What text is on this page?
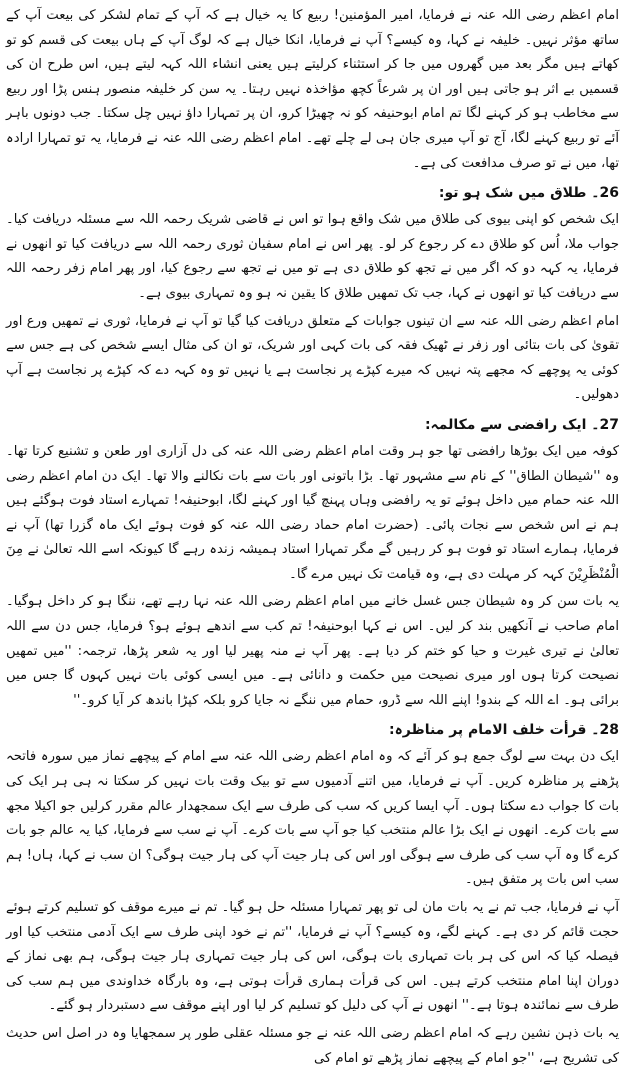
امام اعظم رضی اللہ عنہ نے فرمایا، امیر المؤمنین! ربیع کا یہ خیال ہے کہ آپ کے تمام لشکر کی بیعت آپ کے ساتھ مؤثر نہیں۔ خلیفہ نے کہا، وہ کیسے؟ آپ نے فرمایا، انکا خیال ہے کہ لوگ آپ کے ہاں بیعت کی قسم کو تو کھاتے ہیں مگر بعد میں گھروں میں جا کر استثناء کرلیتے ہیں یعنی انشاء اللہ کہہ لیتے ہیں، اس طرح ان کی قسمیں بے اثر ہو جاتی ہیں اور ان پر شرعاً کچھ مؤاخذہ نہیں رہتا۔ یہ سن کر خلیفہ منصور ہنس پڑا اور ربیع سے مخاطب ہو کر کہنے لگا تم امام ابوحنیفہ کو نہ چھیڑا کرو، ان پر تمہارا داؤ نہیں چل سکتا۔ جب دونوں باہر آئے تو ربیع کہنے لگا، آج تو آپ میری جان ہی لے چلے تھے۔ امام اعظم رضی اللہ عنہ نے فرمایا، یہ تو تمہارا ارادہ تھا، میں نے تو صرف مدافعت کی ہے۔

26۔ طلاق میں شک ہو تو:

ایک شخص کو اپنی بیوی کی طلاق میں شک واقع ہوا تو اس نے قاضی شریک رحمہ اللہ سے مسئلہ دریافت کیا۔ جواب ملا، اُس کو طلاق دے کر رجوع کر لو۔ پھر اس نے امام سفیان ثوری رحمہ اللہ سے دریافت کیا تو انھوں نے فرمایا، یہ کہہ دو کہ اگر میں نے تجھ کو طلاق دی ہے تو میں نے تجھ سے رجوع کیا، اور پھر امام زفر رحمہ اللہ سے دریافت کیا تو انھوں نے کہا، جب تک تمھیں طلاق کا یقین نہ ہو وہ تمہاری بیوی ہے۔

امام اعظم رضی اللہ عنہ سے ان تینوں جوابات کے متعلق دریافت کیا گیا تو آپ نے فرمایا، ثوری نے تمھیں ورع اور تقویٰ کی بات بتائی اور زفر نے ٹھیک فقہ کی بات کہی اور شریک، تو ان کی مثال ایسے شخص کی ہے جس سے کوئی یہ پوچھے کہ مجھے پتہ نہیں کہ میرے کپڑے پر نجاست ہے یا نہیں تو وہ کہہ دے کہ کپڑے پر نجاست ہے آپ دھولیں۔

27۔ ایک رافضی سے مکالمہ:

کوفہ میں ایک بوڑھا رافضی تھا جو ہر وقت امام اعظم رضی اللہ عنہ کی دل آزاری اور طعن و تشنیع کرتا تھا۔ وہ ''شیطان الطاق'' کے نام سے مشہور تھا۔ بڑا باتونی اور بات سے بات نکالنے والا تھا۔ ایک دن امام اعظم رضی اللہ عنہ حمام میں داخل ہوئے تو یہ رافضی وہاں پہنچ گیا اور کہنے لگا، ابوحنیفہ! تمہارے استاد فوت ہوگئے ہیں ہم نے اس شخص سے نجات پائی۔ (حضرت امام حماد رضی اللہ عنہ کو فوت ہوئے ایک ماہ گزرا تھا) آپ نے فرمایا، ہمارے استاد تو فوت ہو کر رہیں گے مگر تمہارا استاد ہمیشہ زندہ رہے گا کیونکہ اسے اللہ تعالیٰ نے مِنَ الْمُنْظَرِیْنَ کہہ کر مہلت دی ہے، وہ قیامت تک نہیں مرے گا۔

یہ بات سن کر وہ شیطان جس غسل خانے میں امام اعظم رضی اللہ عنہ نہا رہے تھے، ننگا ہو کر داخل ہوگیا۔ امام صاحب نے آنکھیں بند کر لیں۔ اس نے کہا ابوحنیفہ! تم کب سے اندھے ہوئے ہو؟ فرمایا، جس دن سے اللہ تعالیٰ نے تیری غیرت و حیا کو ختم کر دیا ہے۔ پھر آپ نے منہ پھیر لیا اور یہ شعر پڑھا، ترجمہ: ''میں تمھیں نصیحت کرتا ہوں اور میری نصیحت میں حکمت و دانائی ہے۔ میں ایسی کوئی بات نہیں کہوں گا جس میں برائی ہو۔ اے اللہ کے بندو! اپنے اللہ سے ڈرو، حمام میں ننگے نہ جایا کرو بلکہ کپڑا باندھ کر آیا کرو۔''

28۔ قرأت خلف الامام پر مناظرہ:

ایک دن بہت سے لوگ جمع ہو کر آئے کہ وہ امام اعظم رضی اللہ عنہ سے امام کے پیچھے نماز میں سورہ فاتحہ پڑھنے پر مناظرہ کریں۔ آپ نے فرمایا، میں اتنے آدمیوں سے تو بیک وقت بات نہیں کر سکتا نہ ہی ہر ایک کی بات کا جواب دے سکتا ہوں۔ آپ ایسا کریں کہ سب کی طرف سے ایک سمجھدار عالم مقرر کرلیں جو اکیلا مجھ سے بات کرے۔ انھوں نے ایک بڑا عالم منتخب کیا جو آپ سے بات کرے۔ آپ نے سب سے فرمایا، کیا یہ عالم جو بات کرے گا وہ آپ سب کی طرف سے ہوگی اور اس کی ہار جیت آپ کی ہار جیت ہوگی؟ ان سب نے کہا، ہاں! ہم سب اس بات پر متفق ہیں۔

آپ نے فرمایا، جب تم نے یہ بات مان لی تو پھر تمہارا مسئلہ حل ہو گیا۔ تم نے میرے موقف کو تسلیم کرتے ہوئے حجت قائم کر دی ہے۔ کہنے لگے، وہ کیسے؟ آپ نے فرمایا، ''تم نے خود اپنی طرف سے ایک آدمی منتخب کیا اور فیصلہ کیا کہ اس کی ہر بات تمہاری بات ہوگی، اس کی ہار جیت تمہاری ہار جیت ہوگی، ہم بھی نماز کے دوران اپنا امام منتخب کرتے ہیں۔ اس کی قرأت ہماری قرأت ہوتی ہے، وہ بارگاہ خداوندی میں ہم سب کی طرف سے نمائندہ ہوتا ہے۔'' انھوں نے آپ کی دلیل کو تسلیم کر لیا اور اپنے موقف سے دستبردار ہو گئے۔

یہ بات ذہن نشین رہے کہ امام اعظم رضی اللہ عنہ نے جو مسئلہ عقلی طور پر سمجھایا وہ در اصل اس حدیث کی تشریح ہے، ''جو امام کے پیچھے نماز پڑھے تو امام کی
